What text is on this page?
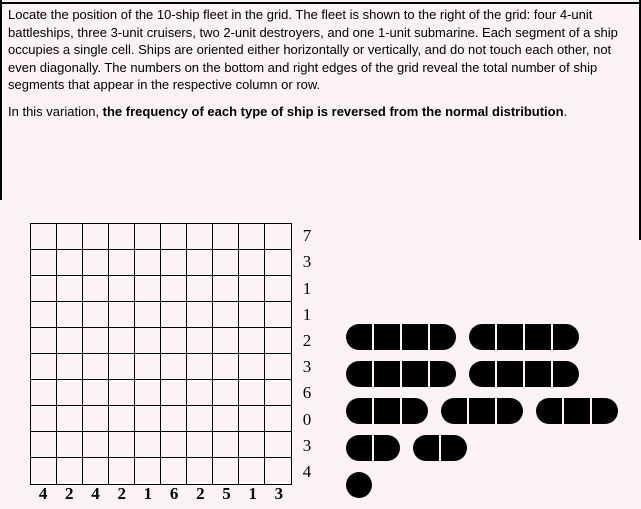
Locate the position of the 10-ship fleet in the grid. The fleet is shown to the right of the grid: four 4-unit battleships, three 3-unit cruisers, two 2-unit destroyers, and one 1-unit submarine. Each segment of a ship occupies a single cell. Ships are oriented either horizontally or vertically, and do not touch each other, not even diagonally. The numbers on the bottom and right edges of the grid reveal the total number of ship segments that appear in the respective column or row.

In this variation, the frequency of each type of ship is reversed from the normal distribution.

7
3
1
1
2
3
6
0
3
4
4	2	4	2	1	6	2	5	1	3
